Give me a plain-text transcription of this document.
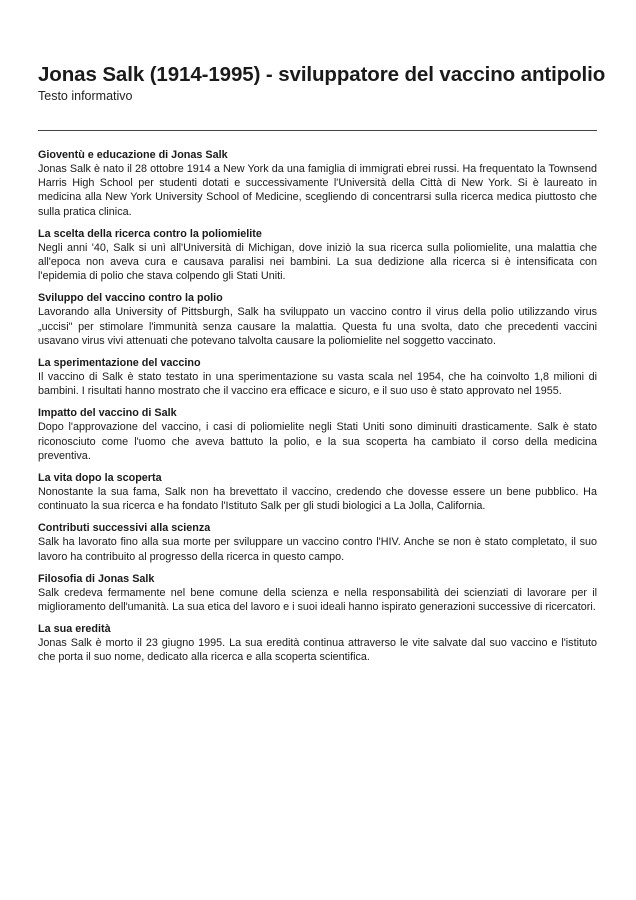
Jonas Salk (1914-1995) - sviluppatore del vaccino antipolio
Testo informativo
Gioventù e educazione di Jonas Salk

Jonas Salk è nato il 28 ottobre 1914 a New York da una famiglia di immigrati ebrei russi. Ha frequentato la Townsend Harris High School per studenti dotati e successivamente l'Università della Città di New York. Si è laureato in medicina alla New York University School of Medicine, scegliendo di concentrarsi sulla ricerca medica piuttosto che sulla pratica clinica.

La scelta della ricerca contro la poliomielite

Negli anni '40, Salk si unì all'Università di Michigan, dove iniziò la sua ricerca sulla poliomielite, una malattia che all'epoca non aveva cura e causava paralisi nei bambini. La sua dedizione alla ricerca si è intensificata con l'epidemia di polio che stava colpendo gli Stati Uniti.

Sviluppo del vaccino contro la polio

Lavorando alla University of Pittsburgh, Salk ha sviluppato un vaccino contro il virus della polio utilizzando virus „uccisi" per stimolare l'immunità senza causare la malattia. Questa fu una svolta, dato che precedenti vaccini usavano virus vivi attenuati che potevano talvolta causare la poliomielite nel soggetto vaccinato.

La sperimentazione del vaccino

Il vaccino di Salk è stato testato in una sperimentazione su vasta scala nel 1954, che ha coinvolto 1,8 milioni di bambini. I risultati hanno mostrato che il vaccino era efficace e sicuro, e il suo uso è stato approvato nel 1955.

Impatto del vaccino di Salk

Dopo l'approvazione del vaccino, i casi di poliomielite negli Stati Uniti sono diminuiti drasticamente. Salk è stato riconosciuto come l'uomo che aveva battuto la polio, e la sua scoperta ha cambiato il corso della medicina preventiva.

La vita dopo la scoperta

Nonostante la sua fama, Salk non ha brevettato il vaccino, credendo che dovesse essere un bene pubblico. Ha continuato la sua ricerca e ha fondato l'Istituto Salk per gli studi biologici a La Jolla, California.

Contributi successivi alla scienza

Salk ha lavorato fino alla sua morte per sviluppare un vaccino contro l'HIV. Anche se non è stato completato, il suo lavoro ha contribuito al progresso della ricerca in questo campo.

Filosofia di Jonas Salk

Salk credeva fermamente nel bene comune della scienza e nella responsabilità dei scienziati di lavorare per il miglioramento dell'umanità. La sua etica del lavoro e i suoi ideali hanno ispirato generazioni successive di ricercatori.

La sua eredità

Jonas Salk è morto il 23 giugno 1995. La sua eredità continua attraverso le vite salvate dal suo vaccino e l'istituto che porta il suo nome, dedicato alla ricerca e alla scoperta scientifica.
